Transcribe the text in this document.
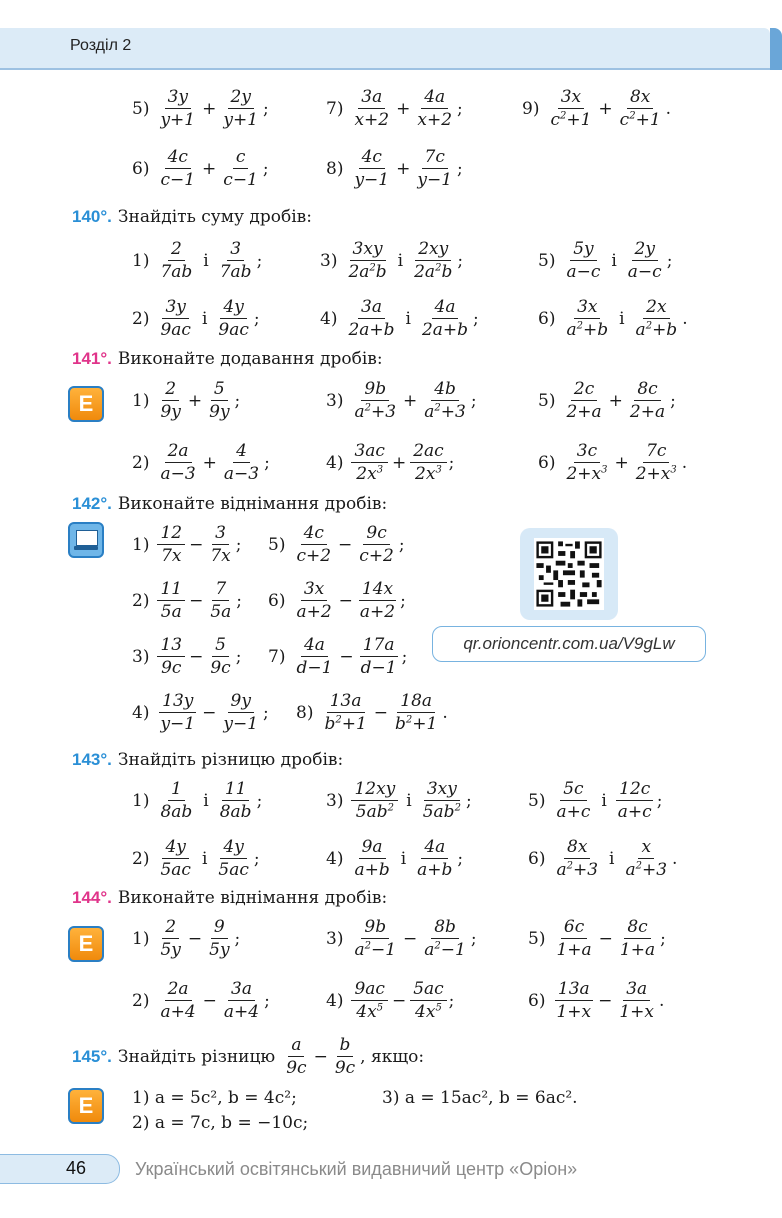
Розділ 2
$5) \frac{3y}{y+1} + \frac{2y}{y+1}$ ;	$7) \frac{3a}{x+2} + \frac{4a}{x+2}$ ;	$9) \frac{3x}{c^2+1} + \frac{8x}{c^2+1}$ .
$6) \frac{4c}{c-1} + \frac{c}{c-1}$ ;	$8) \frac{4c}{y-1} + \frac{7c}{y-1}$ ;
140°. Знайдіть суму дробів:
$1) \frac{2}{7ab}$ і $\frac{3}{7ab}$ ;	$3) \frac{3xy}{2a^2b}$ і $\frac{2xy}{2a^2b}$ ;	$5) \frac{5y}{a-c}$ і $\frac{2y}{a-c}$ ;
$2) \frac{3y}{9ac}$ і $\frac{4y}{9ac}$ ;	$4) \frac{3a}{2a+b}$ і $\frac{4a}{2a+b}$ ;	$6) \frac{3x}{a^2+b}$ і $\frac{2x}{a^2+b}$ .
141°. Виконайте додавання дробів:
E	$1) \frac{2}{9y} + \frac{5}{9y}$ ;	$3) \frac{9b}{a^2+3} + \frac{4b}{a^2+3}$ ;	$5) \frac{2c}{2+a} + \frac{8c}{2+a}$ ;
$2) \frac{2a}{a-3} + \frac{4}{a-3}$ ;	$4) \frac{3ac}{2x^3} + \frac{2ac}{2x^3}$ ;	$6) \frac{3c}{2+x^3} + \frac{7c}{2+x^3}$ .
142°. Виконайте віднімання дробів:
$1) \frac{12}{7x} - \frac{3}{7x}$ ; $5) \frac{4c}{c+2} - \frac{9c}{c+2}$ ;
$2) \frac{11}{5a} - \frac{7}{5a}$ ; $6) \frac{3x}{a+2} - \frac{14x}{a+2}$ ;
$3) \frac{13}{9c} - \frac{5}{9c}$ ; $7) \frac{4a}{d-1} - \frac{17a}{d-1}$ ;
$4) \frac{13y}{y-1} - \frac{9y}{y-1}$ ; $8) \frac{13a}{b^2+1} - \frac{18a}{b^2+1}$ .
qr.orioncentr.com.ua/V9gLw
143°. Знайдіть різницю дробів:
$1) \frac{1}{8ab}$ і $\frac{11}{8ab}$ ;	$3) \frac{12xy}{5ab^2}$ і $\frac{3xy}{5ab^2}$ ;	$5) \frac{5c}{a+c}$ і $\frac{12c}{a+c}$ ;
$2) \frac{4y}{5ac}$ і $\frac{4y}{5ac}$ ;	$4) \frac{9a}{a+b}$ і $\frac{4a}{a+b}$ ;	$6) \frac{8x}{a^2+3}$ і $\frac{x}{a^2+3}$ .
144°. Виконайте віднімання дробів:
E	$1) \frac{2}{5y} - \frac{9}{5y}$ ;	$3) \frac{9b}{a^2-1} - \frac{8b}{a^2-1}$ ;	$5) \frac{6c}{1+a} - \frac{8c}{1+a}$ ;
$2) \frac{2a}{a+4} - \frac{3a}{a+4}$ ;	$4) \frac{9ac}{4x^5} - \frac{5ac}{4x^5}$ ;	$6) \frac{13a}{1+x} - \frac{3a}{1+x}$ .
145°. Знайдіть різницю $\frac{a}{9c} - \frac{b}{9c}$ , якщо:
E	1) a = 5c², b = 4c²;	3) a = 15ac², b = 6ac².
2) a = 7c, b = −10c;
46	Український освітянський видавничий центр «Оріон»
